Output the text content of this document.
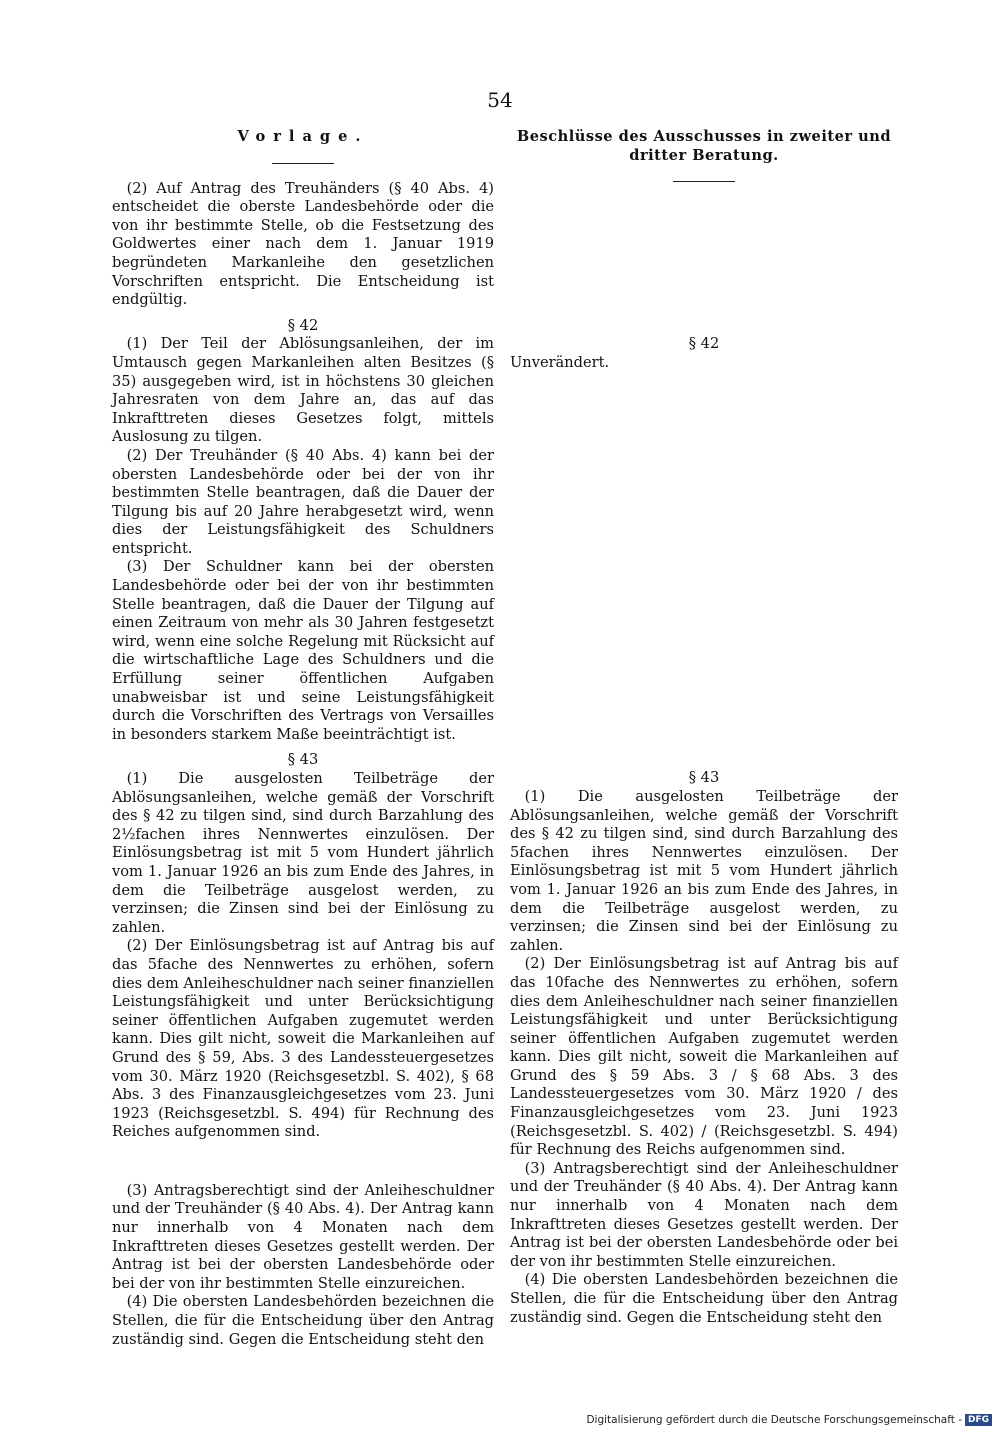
54
Vorlage.

(2) Auf Antrag des Treuhänders (§ 40 Abs. 4) entscheidet die oberste Landesbehörde oder die von ihr bestimmte Stelle, ob die Festsetzung des Goldwertes einer nach dem 1. Januar 1919 begründeten Markanleihe den gesetzlichen Vorschriften entspricht. Die Entscheidung ist endgültig.

§ 42

(1) Der Teil der Ablösungsanleihen, der im Umtausch gegen Markanleihen alten Besitzes (§ 35) ausgegeben wird, ist in höchstens 30 gleichen Jahresraten von dem Jahre an, das auf das Inkrafttreten dieses Gesetzes folgt, mittels Auslosung zu tilgen.

(2) Der Treuhänder (§ 40 Abs. 4) kann bei der obersten Landesbehörde oder bei der von ihr bestimmten Stelle beantragen, daß die Dauer der Tilgung bis auf 20 Jahre herabgesetzt wird, wenn dies der Leistungsfähigkeit des Schuldners entspricht.

(3) Der Schuldner kann bei der obersten Landesbehörde oder bei der von ihr bestimmten Stelle beantragen, daß die Dauer der Tilgung auf einen Zeitraum von mehr als 30 Jahren festgesetzt wird, wenn eine solche Regelung mit Rücksicht auf die wirtschaftliche Lage des Schuldners und die Erfüllung seiner öffentlichen Aufgaben unabweisbar ist und seine Leistungsfähigkeit durch die Vorschriften des Vertrags von Versailles in besonders starkem Maße beeinträchtigt ist.

§ 43

(1) Die ausgelosten Teilbeträge der Ablösungsanleihen, welche gemäß der Vorschrift des § 42 zu tilgen sind, sind durch Barzahlung des 2½fachen ihres Nennwertes einzulösen. Der Einlösungsbetrag ist mit 5 vom Hundert jährlich vom 1. Januar 1926 an bis zum Ende des Jahres, in dem die Teilbeträge ausgelost werden, zu verzinsen; die Zinsen sind bei der Einlösung zu zahlen.

(2) Der Einlösungsbetrag ist auf Antrag bis auf das 5fache des Nennwertes zu erhöhen, sofern dies dem Anleiheschuldner nach seiner finanziellen Leistungsfähigkeit und unter Berücksichtigung seiner öffentlichen Aufgaben zugemutet werden kann. Dies gilt nicht, soweit die Markanleihen auf Grund des § 59, Abs. 3 des Landessteuergesetzes vom 30. März 1920 (Reichsgesetzbl. S. 402), § 68 Abs. 3 des Finanzausgleichgesetzes vom 23. Juni 1923 (Reichsgesetzbl. S. 494) für Rechnung des Reiches aufgenommen sind.

(3) Antragsberechtigt sind der Anleiheschuldner und der Treuhänder (§ 40 Abs. 4). Der Antrag kann nur innerhalb von 4 Monaten nach dem Inkrafttreten dieses Gesetzes gestellt werden. Der Antrag ist bei der obersten Landesbehörde oder bei der von ihr bestimmten Stelle einzureichen.

(4) Die obersten Landesbehörden bezeichnen die Stellen, die für die Entscheidung über den Antrag zuständig sind. Gegen die Entscheidung steht den

Beschlüsse des Ausschusses in zweiter und dritter Beratung.
§ 42

Unverändert.

§ 43

(1) Die ausgelosten Teilbeträge der Ablösungsanleihen, welche gemäß der Vorschrift des § 42 zu tilgen sind, sind durch Barzahlung des 5fachen ihres Nennwertes einzulösen. Der Einlösungsbetrag ist mit 5 vom Hundert jährlich vom 1. Januar 1926 an bis zum Ende des Jahres, in dem die Teilbeträge ausgelost werden, zu verzinsen; die Zinsen sind bei der Einlösung zu zahlen.

(2) Der Einlösungsbetrag ist auf Antrag bis auf das 10fache des Nennwertes zu erhöhen, sofern dies dem Anleiheschuldner nach seiner finanziellen Leistungsfähigkeit und unter Berücksichtigung seiner öffentlichen Aufgaben zugemutet werden kann. Dies gilt nicht, soweit die Markanleihen auf Grund des § 59 Abs. 3 / § 68 Abs. 3 des Landessteuergesetzes vom 30. März 1920 / des Finanzausgleichgesetzes vom 23. Juni 1923 (Reichsgesetzbl. S. 402) / (Reichsgesetzbl. S. 494) für Rechnung des Reichs aufgenommen sind.

(3) Antragsberechtigt sind der Anleiheschuldner und der Treuhänder (§ 40 Abs. 4). Der Antrag kann nur innerhalb von 4 Monaten nach dem Inkrafttreten dieses Gesetzes gestellt werden. Der Antrag ist bei der obersten Landesbehörde oder bei der von ihr bestimmten Stelle einzureichen.

(4) Die obersten Landesbehörden bezeichnen die Stellen, die für die Entscheidung über den Antrag zuständig sind. Gegen die Entscheidung steht den

Digitalisierung gefördert durch die Deutsche Forschungsgemeinschaft - DFG
